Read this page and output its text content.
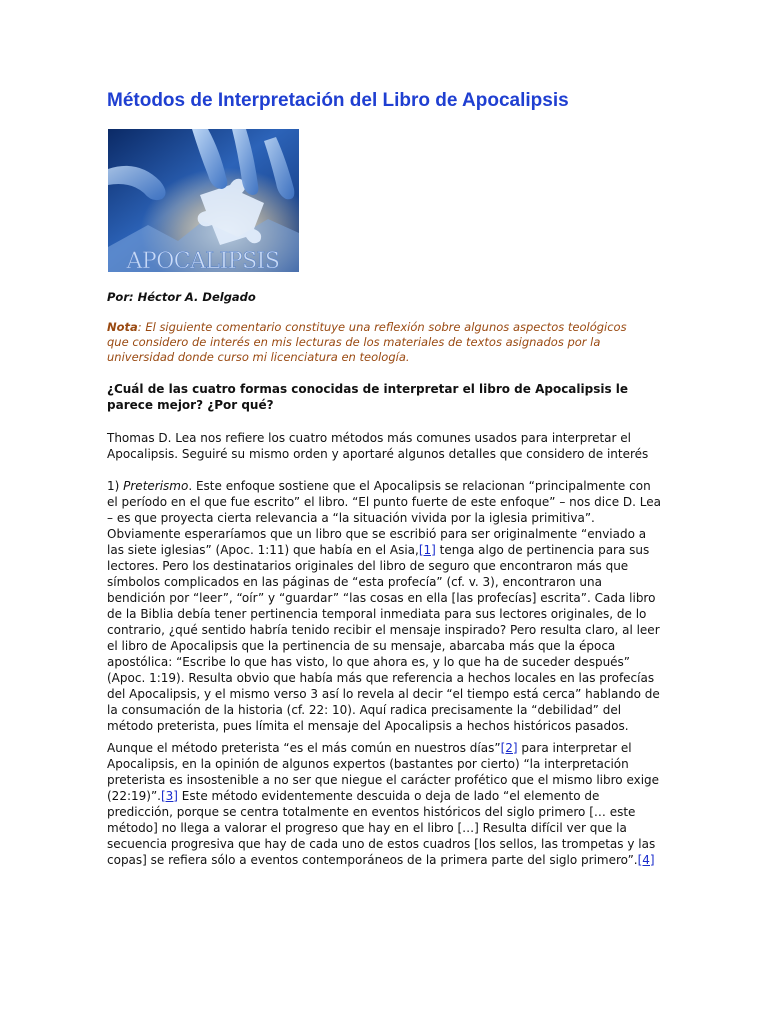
Métodos de Interpretación del Libro de Apocalipsis
APOCALIPSIS

Por: Héctor A. Delgado

Nota: El siguiente comentario constituye una reflexión sobre algunos aspectos teológicos que considero de interés en mis lecturas de los materiales de textos asignados por la universidad donde curso mi licenciatura en teología.

¿Cuál de las cuatro formas conocidas de interpretar el libro de Apocalipsis le parece mejor? ¿Por qué?

Thomas D. Lea nos refiere los cuatro métodos más comunes usados para interpretar el Apocalipsis. Seguiré su mismo orden y aportaré algunos detalles que considero de interés

1) Preterismo. Este enfoque sostiene que el Apocalipsis se relacionan “principalmente con el período en el que fue escrito” el libro. “El punto fuerte de este enfoque” – nos dice D. Lea – es que proyecta cierta relevancia a “la situación vivida por la iglesia primitiva”. Obviamente esperaríamos que un libro que se escribió para ser originalmente “enviado a las siete iglesias” (Apoc. 1:11) que había en el Asia,[1] tenga algo de pertinencia para sus lectores. Pero los destinatarios originales del libro de seguro que encontraron más que símbolos complicados en las páginas de “esta profecía” (cf. v. 3), encontraron una bendición por “leer”, “oír” y “guardar” “las cosas en ella [las profecías] escrita”. Cada libro de la Biblia debía tener pertinencia temporal inmediata para sus lectores originales, de lo contrario, ¿qué sentido habría tenido recibir el mensaje inspirado? Pero resulta claro, al leer el libro de Apocalipsis que la pertinencia de su mensaje, abarcaba más que la época apostólica: “Escribe lo que has visto, lo que ahora es, y lo que ha de suceder después” (Apoc. 1:19). Resulta obvio que había más que referencia a hechos locales en las profecías del Apocalipsis, y el mismo verso 3 así lo revela al decir “el tiempo está cerca” hablando de la consumación de la historia (cf. 22: 10). Aquí radica precisamente la “debilidad” del método preterista, pues límita el mensaje del Apocalipsis a hechos históricos pasados.

Aunque el método preterista “es el más común en nuestros días”[2] para interpretar el Apocalipsis, en la opinión de algunos expertos (bastantes por cierto) “la interpretación preterista es insostenible a no ser que niegue el carácter profético que el mismo libro exige (22:19)”.[3] Este método evidentemente descuida o deja de lado “el elemento de predicción, porque se centra totalmente en eventos históricos del siglo primero [… este método] no llega a valorar el progreso que hay en el libro […] Resulta difícil ver que la secuencia progresiva que hay de cada uno de estos cuadros [los sellos, las trompetas y las copas] se refiera sólo a eventos contemporáneos de la primera parte del siglo primero”.[4]
